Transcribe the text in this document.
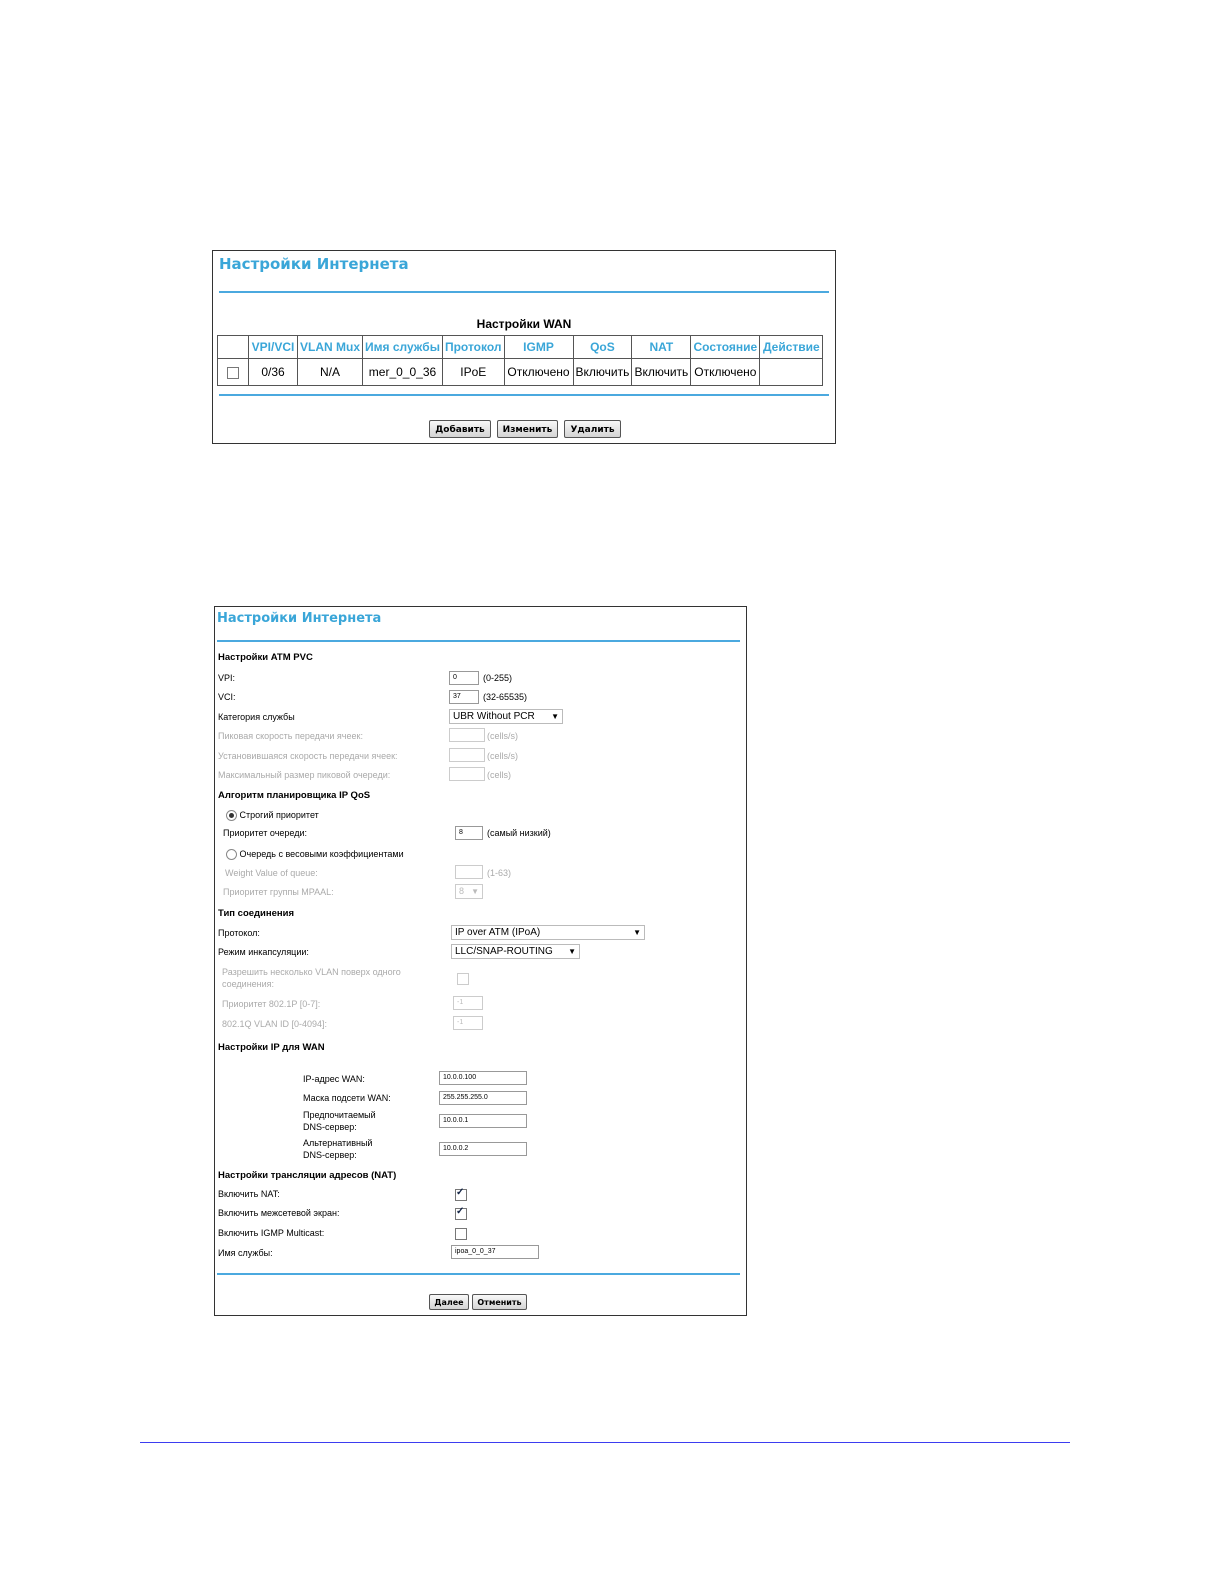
Настройки Интернета
Настройки WAN
	VPI/VCI	VLAN Mux	Имя службы	Протокол	IGMP	QoS	NAT	Состояние	Действие
	0/36	N/A	mer_0_0_36	IPoE	Отключено	Включить	Включить	Отключено	
Добавить	Изменить	Удалить
Настройки Интернета
Настройки ATM PVC
VPI:	0	(0-255)
VCI:	37	(32-65535)
Категория службы	UBR Without PCR ▼
Пиковая скорость передачи ячеек:	(cells/s)
Установившаяся скорость передачи ячеек:	(cells/s)
Максимальный размер пиковой очереди:	(cells)
Алгоритм планировщика IP QoS
Строгий приоритет
Приоритет очереди:	8	(самый низкий)
Очередь с весовыми коэффициентами
Weight Value of queue:	(1-63)
Приоритет группы MPAAL:	8 ▼
Тип соединения
Протокол:	IP over ATM (IPoA)	▼
Режим инкапсуляции:	LLC/SNAP-ROUTING ▼
Разрешить несколько VLAN поверх одного
соединения:
Приоритет 802.1P [0-7]:	-1
802.1Q VLAN ID [0-4094]:	-1
Настройки IP для WAN
IP-адрес WAN:	10.0.0.100
Маска подсети WAN:	255.255.255.0
Предпочитаемый
DNS-сервер:
10.0.0.1
Альтернативный
DNS-сервер:
10.0.0.2
Настройки трансляции адресов (NAT)
Включить NAT:
✓
Включить межсетевой экран:
✓
Включить IGMP Multicast:
Имя службы:	ipoa_0_0_37
Далее	Отменить
